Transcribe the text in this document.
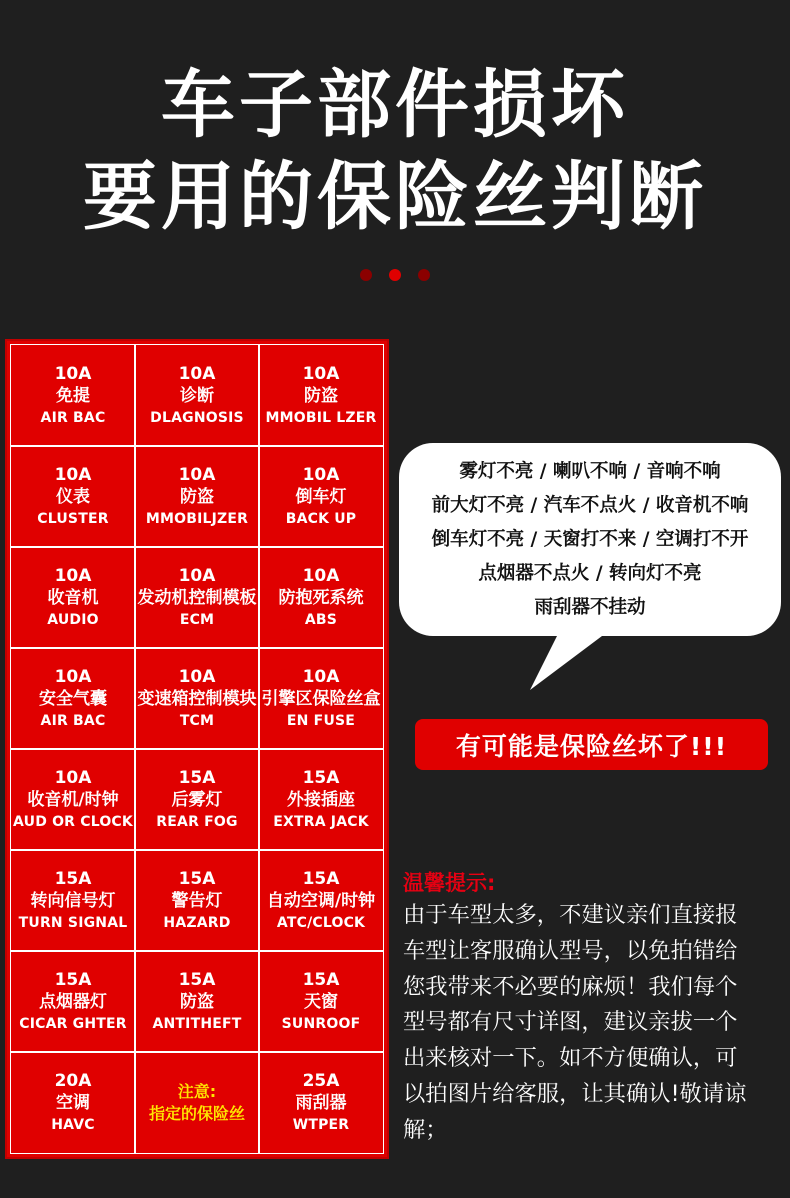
车子部件损坏
要用的保险丝判断

10A
免提
AIR BAC
10A
诊断
DLAGNOSIS
10A
防盗
MMOBIL LZER
10A
仪表
CLUSTER
10A
防盗
MMOBILJZER
10A
倒车灯
BACK UP
10A
收音机
AUDIO
10A
发动机控制模板
ECM
10A
防抱死系统
ABS
10A
安全气囊
AIR BAC
10A
变速箱控制模块
TCM
10A
引擎区保险丝盒
EN FUSE
10A
收音机/时钟
AUD OR CLOCK
15A
后雾灯
REAR FOG
15A
外接插座
EXTRA JACK
15A
转向信号灯
TURN SIGNAL
15A
警告灯
HAZARD
15A
自动空调/时钟
ATC/CLOCK
15A
点烟器灯
CICAR GHTER
15A
防盗
ANTITHEFT
15A
天窗
SUNROOF
20A
空调
HAVC
注意:
指定的保险丝
25A
雨刮器
WTPER
雾灯不亮 / 喇叭不响 / 音响不响
前大灯不亮 / 汽车不点火 / 收音机不响
倒车灯不亮 / 天窗打不来 / 空调打不开
点烟器不点火 / 转向灯不亮
雨刮器不挂动
有可能是保险丝坏了!!!
温馨提示:
由于车型太多，不建议亲们直接报
车型让客服确认型号，以免拍错给
您我带来不必要的麻烦！我们每个
型号都有尺寸详图，建议亲拔一个
出来核对一下。如不方便确认，可
以拍图片给客服，让其确认!敬请谅
解；
